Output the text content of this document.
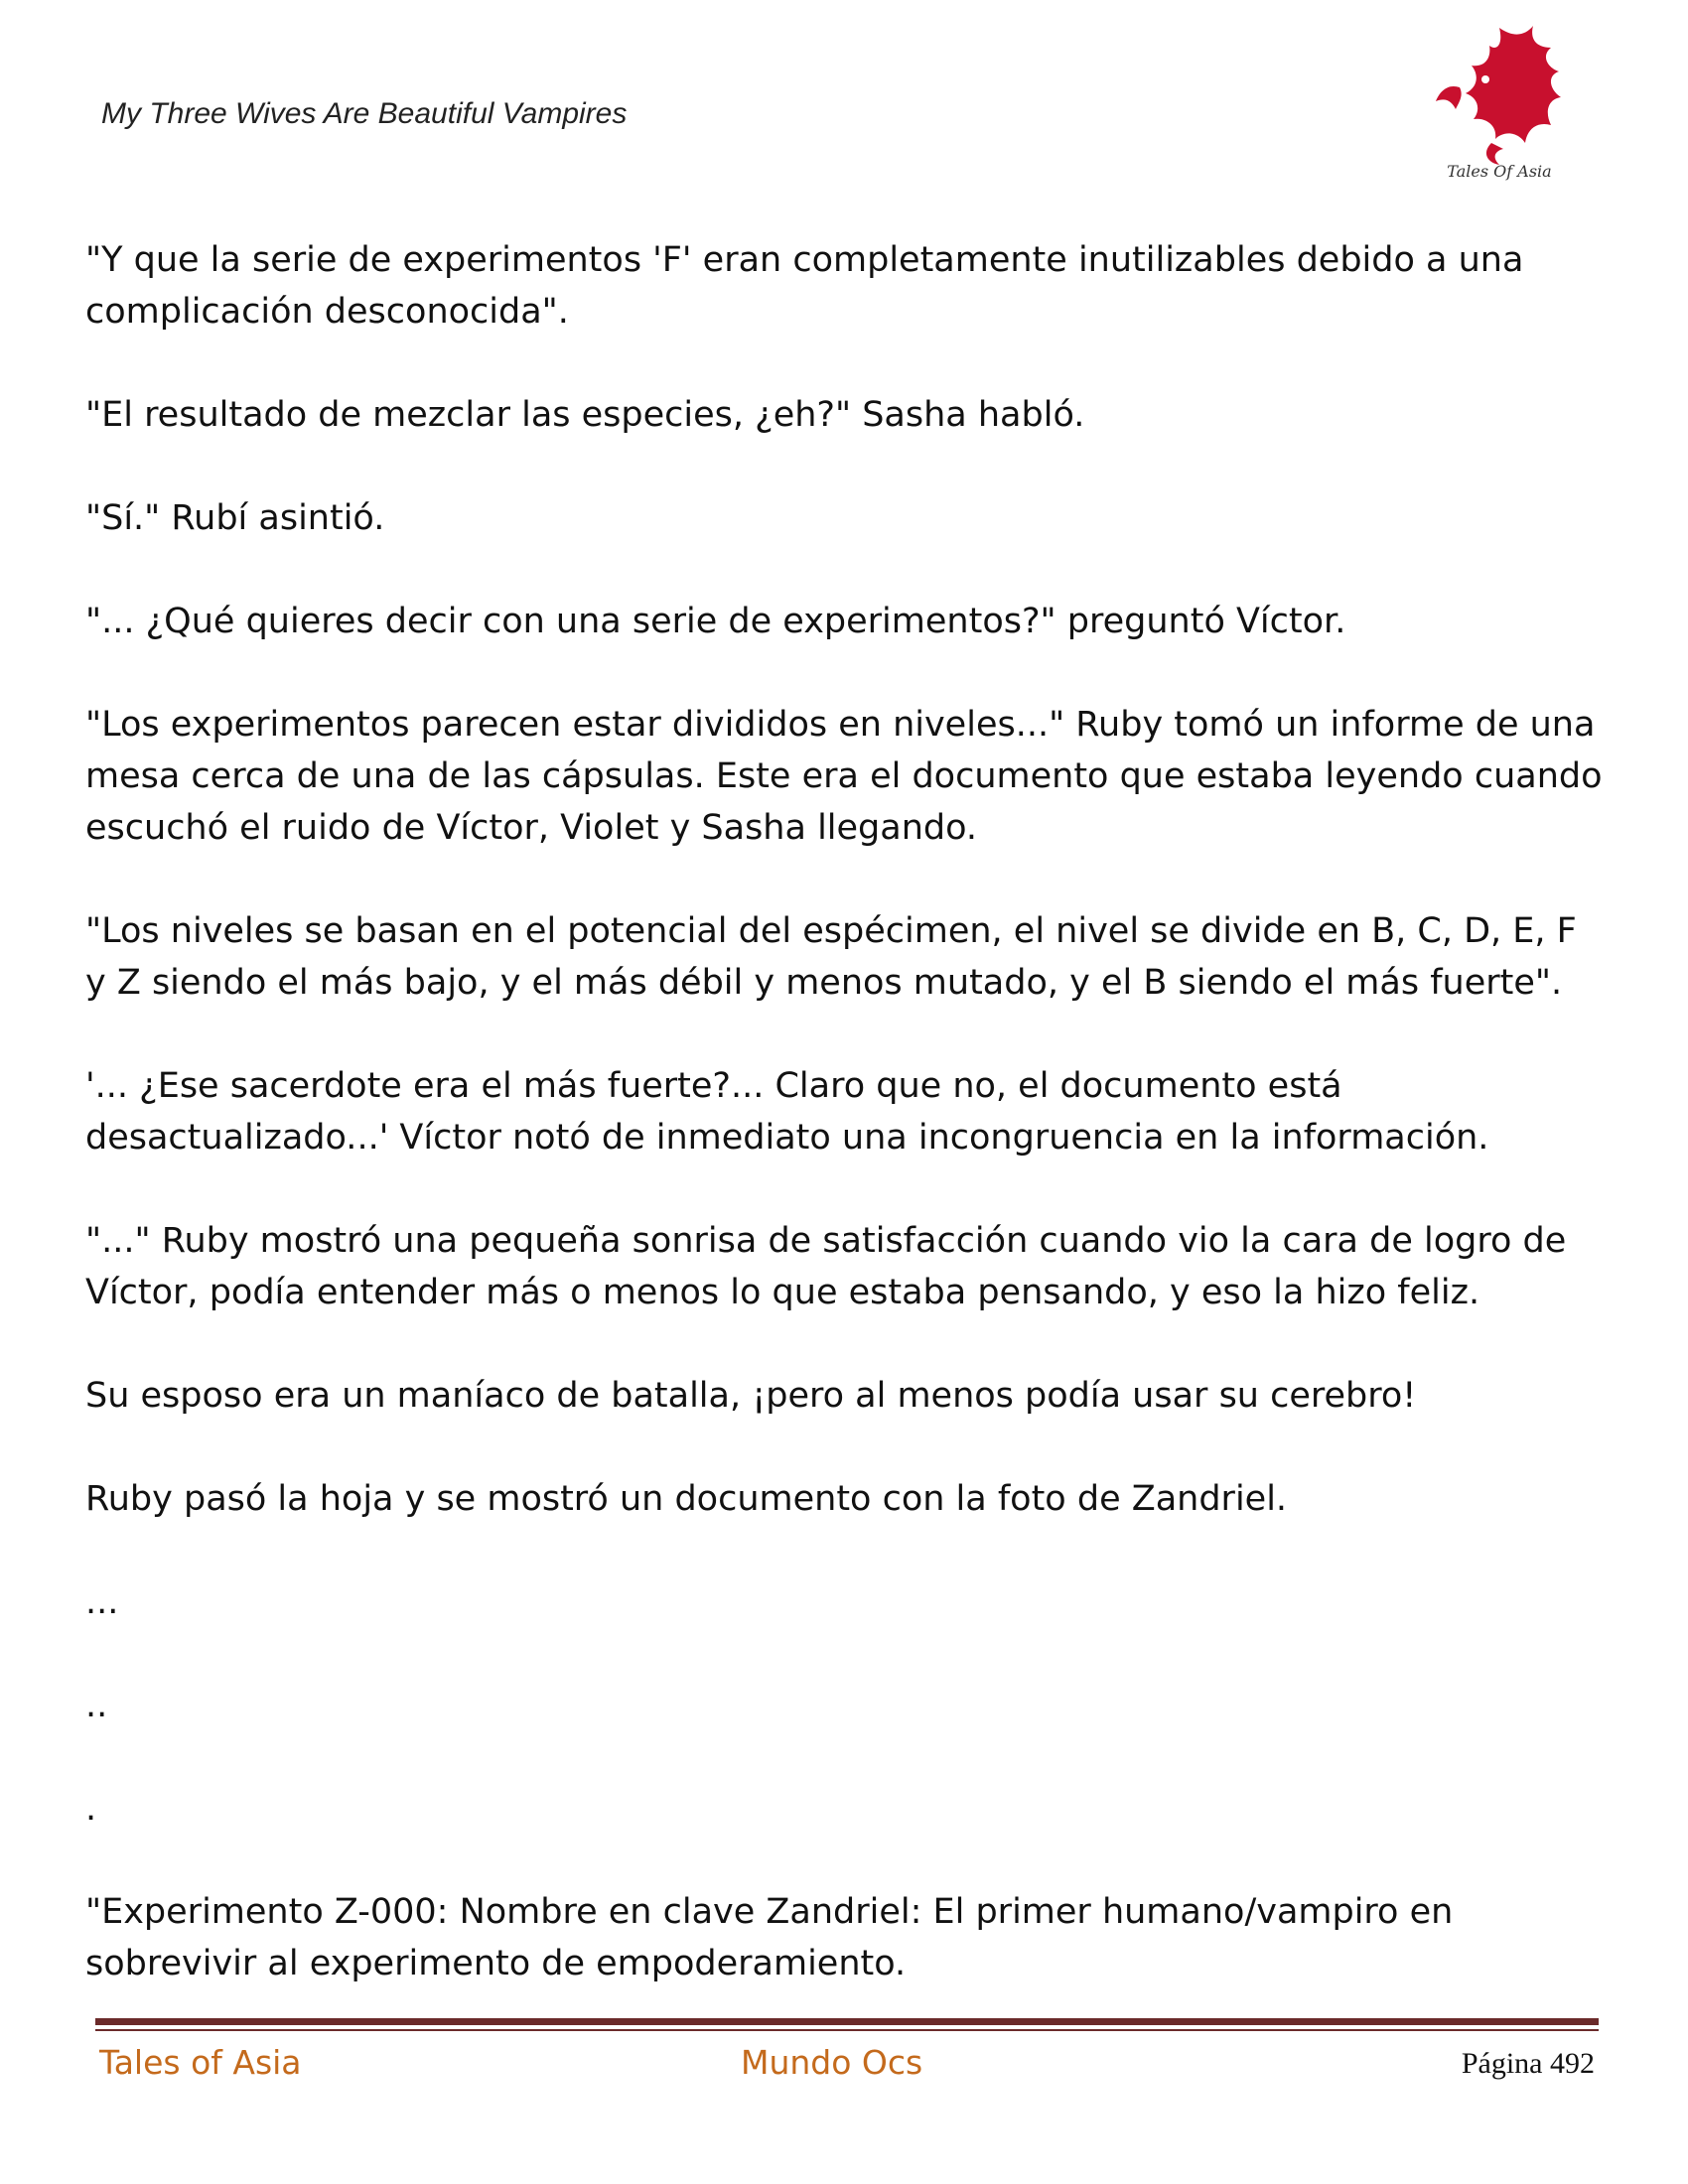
My Three Wives Are Beautiful Vampires
Tales Of Asia

"Y que la serie de experimentos 'F' eran completamente inutilizables debido a una complicación desconocida".

"El resultado de mezclar las especies, ¿eh?" Sasha habló.

"Sí." Rubí asintió.

"... ¿Qué quieres decir con una serie de experimentos?" preguntó Víctor.

"Los experimentos parecen estar divididos en niveles..." Ruby tomó un informe de una mesa cerca de una de las cápsulas. Este era el documento que estaba leyendo cuando escuchó el ruido de Víctor, Violet y Sasha llegando.

"Los niveles se basan en el potencial del espécimen, el nivel se divide en B, C, D, E, F y Z siendo el más bajo, y el más débil y menos mutado, y el B siendo el más fuerte".

'... ¿Ese sacerdote era el más fuerte?... Claro que no, el documento está desactualizado...' Víctor notó de inmediato una incongruencia en la información.

"..." Ruby mostró una pequeña sonrisa de satisfacción cuando vio la cara de logro de Víctor, podía entender más o menos lo que estaba pensando, y eso la hizo feliz.

Su esposo era un maníaco de batalla, ¡pero al menos podía usar su cerebro!

Ruby pasó la hoja y se mostró un documento con la foto de Zandriel.

...

..

.

"Experimento Z-000: Nombre en clave Zandriel: El primer humano/vampiro en sobrevivir al experimento de empoderamiento.

Tales of Asia	Mundo Ocs	Página 492
